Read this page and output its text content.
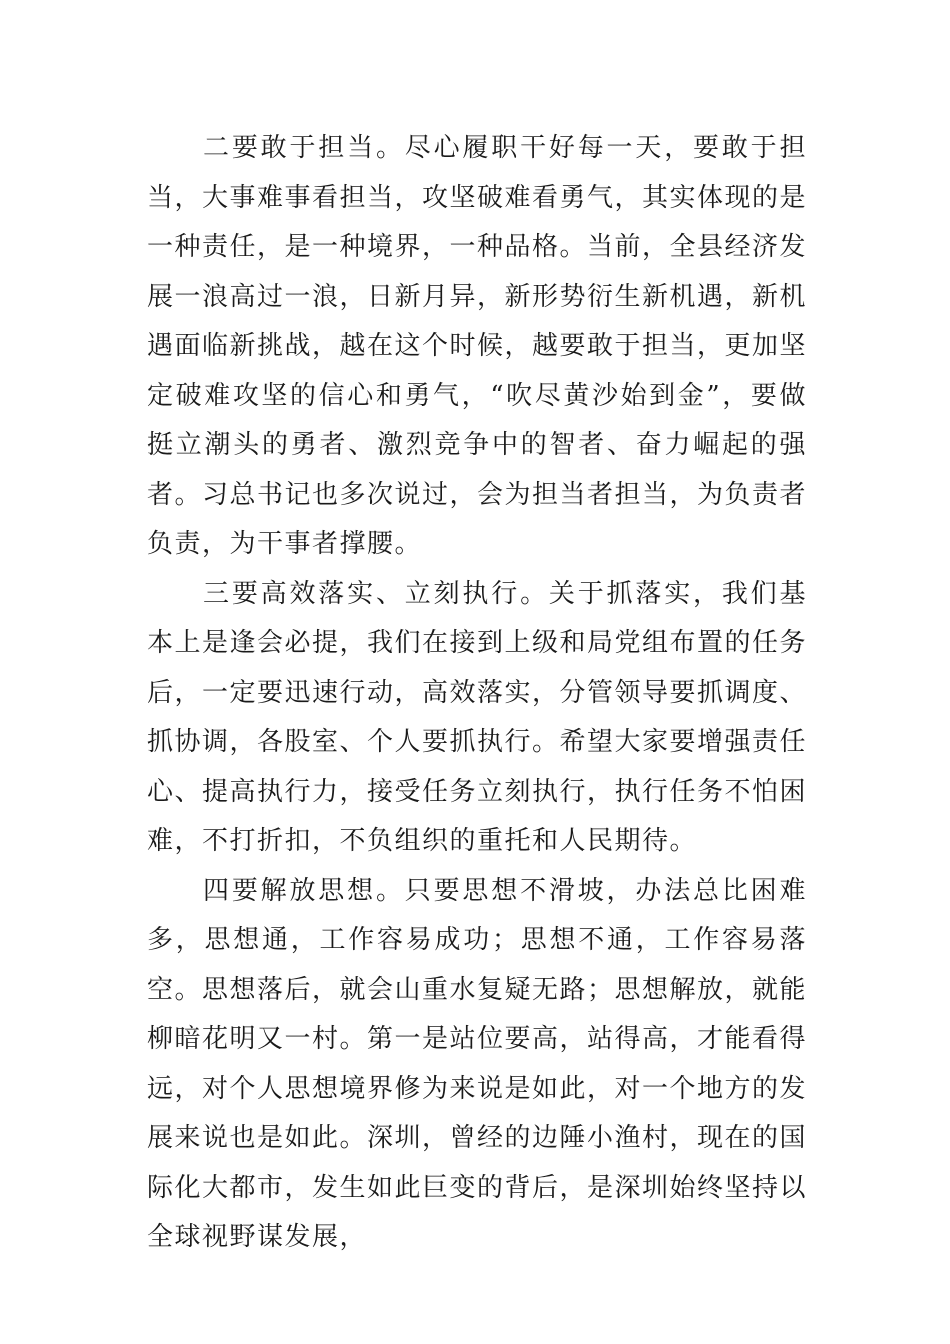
二要敢于担当。尽心履职干好每一天，要敢于担当，大事难事看担当，攻坚破难看勇气，其实体现的是一种责任，是一种境界，一种品格。当前，全县经济发展一浪高过一浪，日新月异，新形势衍生新机遇，新机遇面临新挑战，越在这个时候，越要敢于担当，更加坚定破难攻坚的信心和勇气，“吹尽黄沙始到金”，要做挺立潮头的勇者、激烈竞争中的智者、奋力崛起的强者。习总书记也多次说过，会为担当者担当，为负责者负责，为干事者撑腰。

三要高效落实、立刻执行。关于抓落实，我们基本上是逢会必提，我们在接到上级和局党组布置的任务后，一定要迅速行动，高效落实，分管领导要抓调度、抓协调，各股室、个人要抓执行。希望大家要增强责任心、提高执行力，接受任务立刻执行，执行任务不怕困难，不打折扣，不负组织的重托和人民期待。

四要解放思想。只要思想不滑坡，办法总比困难多，思想通，工作容易成功；思想不通，工作容易落空。思想落后，就会山重水复疑无路；思想解放，就能柳暗花明又一村。第一是站位要高，站得高，才能看得远，对个人思想境界修为来说是如此，对一个地方的发展来说也是如此。深圳，曾经的边陲小渔村，现在的国际化大都市，发生如此巨变的背后，是深圳始终坚持以全球视野谋发展，
